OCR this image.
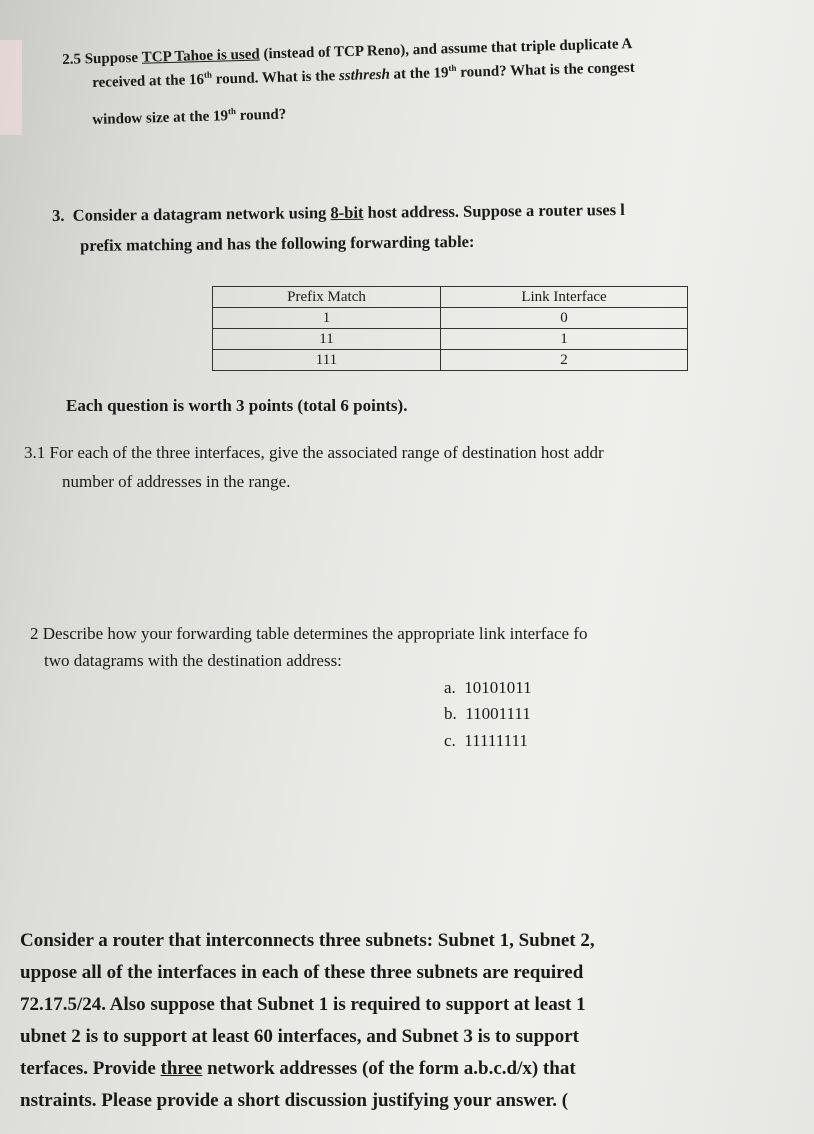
2.5 Suppose TCP Tahoe is used (instead of TCP Reno), and assume that triple duplicate A
received at the 16th round. What is the ssthresh at the 19th round? What is the congest
window size at the 19th round?
3. Consider a datagram network using 8-bit host address. Suppose a router uses l
prefix matching and has the following forwarding table:
Prefix Match	Link Interface
1	0
11	1
111	2
Each question is worth 3 points (total 6 points).
3.1 For each of the three interfaces, give the associated range of destination host addr
number of addresses in the range.
2 Describe how your forwarding table determines the appropriate link interface fo
two datagrams with the destination address:
a. 10101011
b. 11001111
c. 11111111
Consider a router that interconnects three subnets: Subnet 1, Subnet 2,
uppose all of the interfaces in each of these three subnets are required
72.17.5/24. Also suppose that Subnet 1 is required to support at least 1
ubnet 2 is to support at least 60 interfaces, and Subnet 3 is to support
terfaces. Provide three network addresses (of the form a.b.c.d/x) that
nstraints. Please provide a short discussion justifying your answer. (
